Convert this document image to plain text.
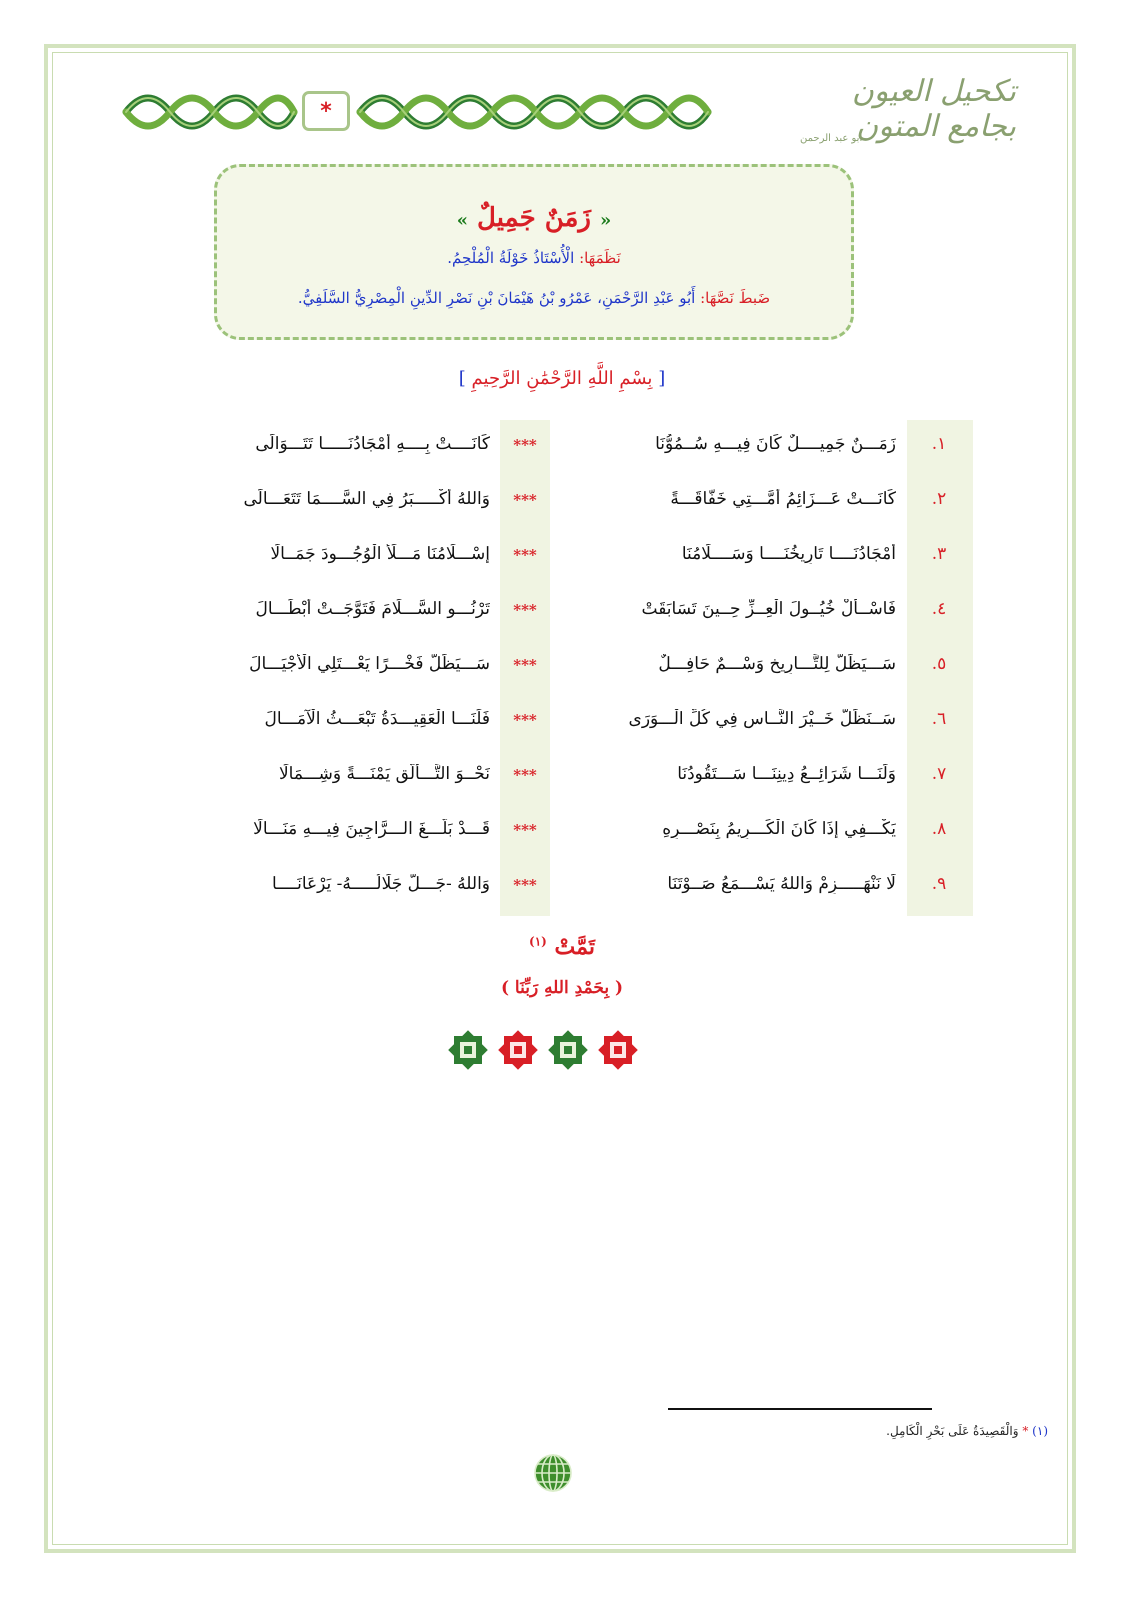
*
تكحيل العيون
بجامع المتون
أبو عبد الرحمن
« زَمَنٌ جَمِيلٌ »
نَظَمَهَا: الْأُسْتَاذُ خَوْلَةُ الْمُلْحِمُ.
ضَبطَ نَصَّهَا: أَبُو عَبْدِ الرَّحْمَنِ، عَمْرُو بْنُ هَيْمَانَ بْنِ نَصْرِ الدِّينِ الْمِصْرِيُّ السَّلَفِيُّ.
[ بِسْمِ اللَّهِ الرَّحْمَٰنِ الرَّحِيمِ ]
١.
زَمَـــنٌ جَمِيــــلٌ كَانَ فِيـــهِ سُــمُوُّنَا
***
كَانَــــتْ بِــــهِ أَمْجَادُنَـــــا تَتَـــوَالَى
٢.
كَانَـــتْ عَـــزَائِمُ أُمَّـــتِي خَفَّاقَـــةً
***
وَاللهُ أَكْـــــبَرُ فِي السَّــــمَا تَتَعَـــالَى
٣.
أَمْجَادُنَــــا تَارِيخُنَــــا وَسَــــلَامُنَا
***
إِسْـــلَامُنَا مَـــلَأَ الْوُجُـــودَ جَمَــالَا
٤.
فَاسْــأَلْ خُيُــولَ الْعِــزِّ حِــينَ تَسَابَقَتْ
***
تَرْنُـــو السَّـــلَامَ فَتَوَّجَــتْ أَبْطَـــالَ
٥.
سَـــيَظَلُّ لِلتَّـــارِيخِ وَسْـــمٌ حَافِـــلٌ
***
سَـــيَظَلُّ فَخْـــرًا يَعْـــتَلِي الْأَجْيَـــالَ
٦.
سَــنَظَلُّ خَــيْرَ النَّــاسِ فِي كُلِّ الْـــوَرَى
***
فَلَنَـــا الْعَقِيـــدَةُ تَبْعَـــثُ الْآمَـــالَ
٧.
وَلَنَـــا شَرَائِــعُ دِينِنَـــا سَـــتَقُودُنَا
***
نَحْــوَ التَّـــأَلُّقِ يَمْنَـــةً وَشِـــمَالَا
٨.
يَكْـــفِي إِذَا كَانَ الْكَـــرِيمُ بِنَصْـــرِهِ
***
قَـــدْ بَلَّـــغَ الـــرَّاجِينَ فِيـــهِ مَنَـــالَا
٩.
لَا نَنْهَـــــزِمْ وَاللهُ يَسْـــمَعُ صَــوْتَنَا
***
وَاللهُ -جَـــلَّ جَلَالُـــــهُ- يَرْعَانَــــا
تَمَّتْ $^{(١)}$
( بِحَمْدِ اللهِ رَبِّنَا )
(١) * وَالْقَصِيدَةُ عَلَى بَحْرِ الْكَامِلِ.
